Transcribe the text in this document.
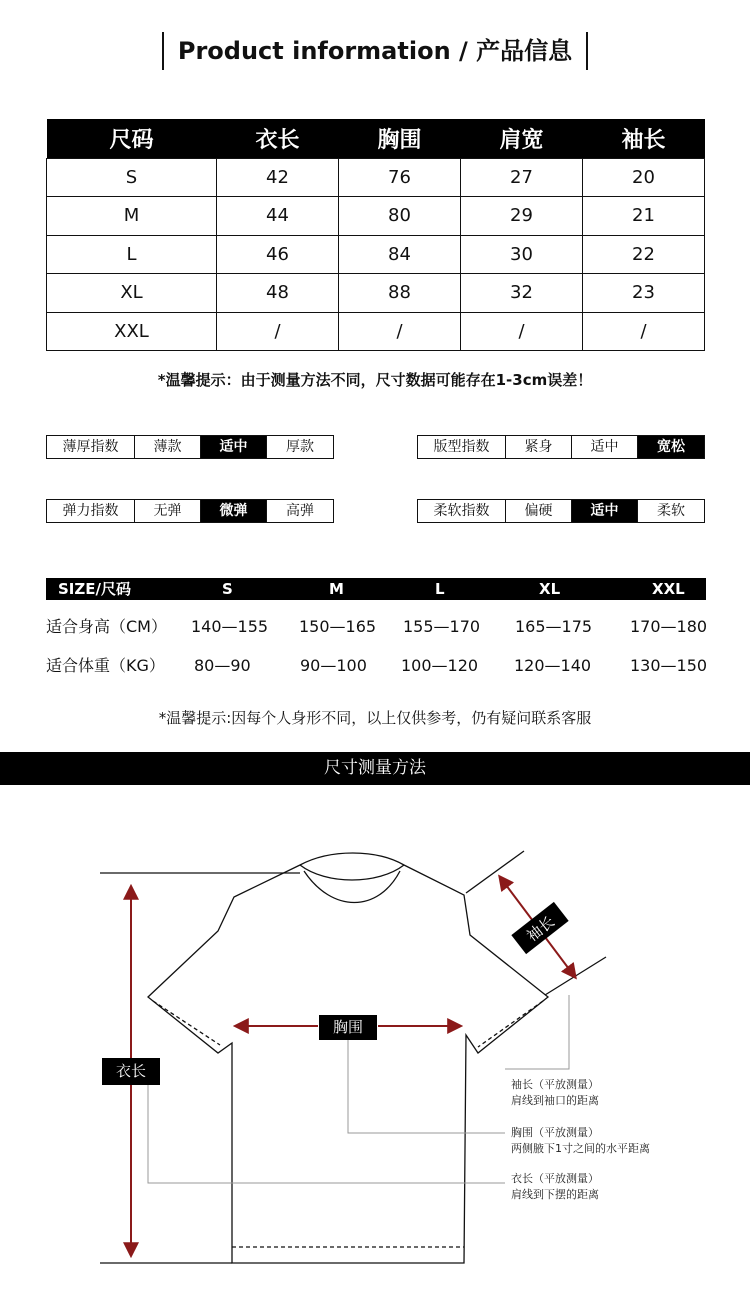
Product information / 产品信息
尺码	衣长	胸围	肩宽	袖长
S	42	76	27	20
M	44	80	29	21
L	46	84	30	22
XL	48	88	32	23
XXL	/	/	/	/
*温馨提示：由于测量方法不同，尺寸数据可能存在1-3cm误差！
薄厚指数	薄款	适中	厚款	版型指数	紧身	适中	宽松
弹力指数	无弹	微弹	高弹	柔软指数	偏硬	适中	柔软
SIZE/尺码	S	M	L	XL	XXL
适合身高（CM） 140—155 150—165 155—170 165—175 170—180
适合体重（KG） 80—90	90—100 100—120 120—140 130—150
*温馨提示:因每个人身形不同，以上仅供参考，仍有疑问联系客服
尺寸测量方法
袖长
胸围
衣长
袖长（平放测量）
肩线到袖口的距离
胸围（平放测量）
两侧腋下1寸之间的水平距离
衣长（平放测量）
肩线到下摆的距离
